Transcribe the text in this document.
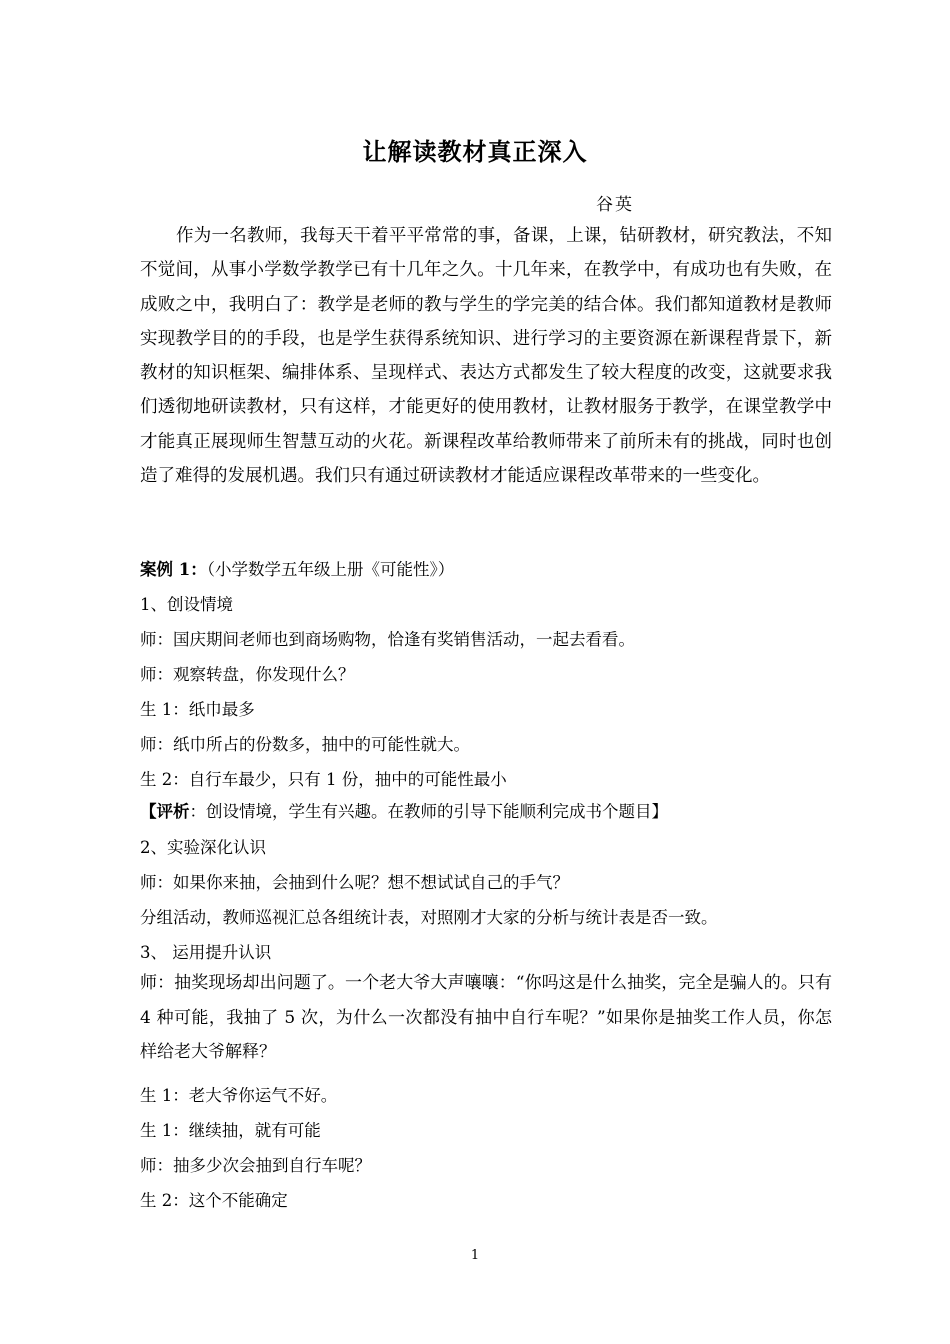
让解读教材真正深入
谷英

作为一名教师，我每天干着平平常常的事，备课，上课，钻研教材，研究教法，不知不觉间，从事小学数学教学已有十几年之久。十几年来，在教学中，有成功也有失败，在成败之中，我明白了：教学是老师的教与学生的学完美的结合体。我们都知道教材是教师实现教学目的的手段，也是学生获得系统知识、进行学习的主要资源在新课程背景下，新教材的知识框架、编排体系、呈现样式、表达方式都发生了较大程度的改变，这就要求我们透彻地研读教材，只有这样，才能更好的使用教材，让教材服务于教学，在课堂教学中才能真正展现师生智慧互动的火花。新课程改革给教师带来了前所未有的挑战，同时也创造了难得的发展机遇。我们只有通过研读教材才能适应课程改革带来的一些变化。

案例 1：（小学数学五年级上册《可能性》）

1、创设情境

师：国庆期间老师也到商场购物，恰逢有奖销售活动，一起去看看。

师：观察转盘，你发现什么？

生 1：纸巾最多

师：纸巾所占的份数多，抽中的可能性就大。

生 2：自行车最少，只有 1 份，抽中的可能性最小

【评析：创设情境，学生有兴趣。在教师的引导下能顺利完成书个题目】

2、实验深化认识

师：如果你来抽，会抽到什么呢？想不想试试自己的手气？

分组活动，教师巡视汇总各组统计表，对照刚才大家的分析与统计表是否一致。

3、 运用提升认识

师：抽奖现场却出问题了。一个老大爷大声嚷嚷：“你吗这是什么抽奖，完全是骗人的。只有 4 种可能，我抽了 5 次，为什么一次都没有抽中自行车呢？”如果你是抽奖工作人员，你怎样给老大爷解释？

生 1：老大爷你运气不好。

生 1：继续抽，就有可能

师：抽多少次会抽到自行车呢？

生 2：这个不能确定

1
